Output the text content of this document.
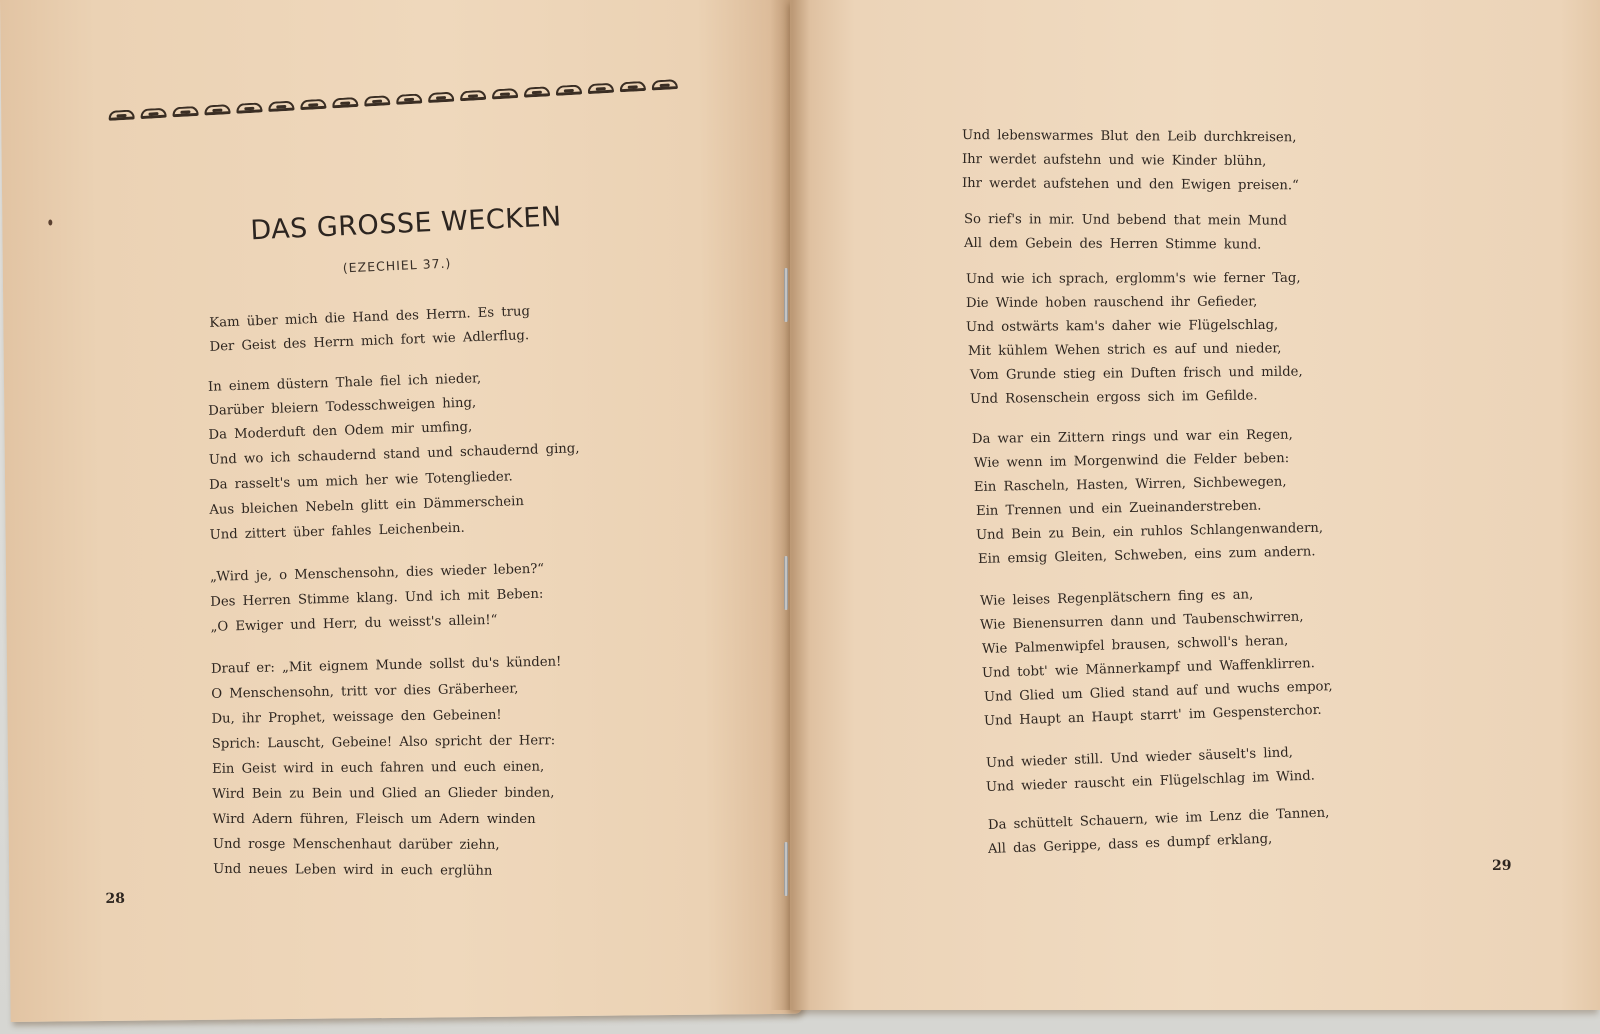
DAS GROSSE WECKEN
(EZECHIEL 37.)
Kam über mich die Hand des Herrn. Es trug
Der Geist des Herrn mich fort wie Adlerflug.
In einem düstern Thale fiel ich nieder,
Darüber bleiern Todesschweigen hing,
Da Moderduft den Odem mir umfing,
Und wo ich schaudernd stand und schaudernd ging,
Da rasselt's um mich her wie Totenglieder.
Aus bleichen Nebeln glitt ein Dämmerschein
Und zittert über fahles Leichenbein.
„Wird je, o Menschensohn, dies wieder leben?“
Des Herren Stimme klang. Und ich mit Beben:
„O Ewiger und Herr, du weisst's allein!“
Drauf er: „Mit eignem Munde sollst du's künden!
O Menschensohn, tritt vor dies Gräberheer,
Du, ihr Prophet, weissage den Gebeinen!
Sprich: Lauscht, Gebeine! Also spricht der Herr:
Ein Geist wird in euch fahren und euch einen,
Wird Bein zu Bein und Glied an Glieder binden,
Wird Adern führen, Fleisch um Adern winden
Und rosge Menschenhaut darüber ziehn,
Und neues Leben wird in euch erglühn
28
Und lebenswarmes Blut den Leib durchkreisen,
Ihr werdet aufstehn und wie Kinder blühn,
Ihr werdet aufstehen und den Ewigen preisen.“
So rief's in mir. Und bebend that mein Mund
All dem Gebein des Herren Stimme kund.
Und wie ich sprach, erglomm's wie ferner Tag,
Die Winde hoben rauschend ihr Gefieder,
Und ostwärts kam's daher wie Flügelschlag,
Mit kühlem Wehen strich es auf und nieder,
Vom Grunde stieg ein Duften frisch und milde,
Und Rosenschein ergoss sich im Gefilde.
Da war ein Zittern rings und war ein Regen,
Wie wenn im Morgenwind die Felder beben:
Ein Rascheln, Hasten, Wirren, Sichbewegen,
Ein Trennen und ein Zueinanderstreben.
Und Bein zu Bein, ein ruhlos Schlangenwandern,
Ein emsig Gleiten, Schweben, eins zum andern.
Wie leises Regenplätschern fing es an,
Wie Bienensurren dann und Taubenschwirren,
Wie Palmenwipfel brausen, schwoll's heran,
Und tobt' wie Männerkampf und Waffenklirren.
Und Glied um Glied stand auf und wuchs empor,
Und Haupt an Haupt starrt' im Gespensterchor.
Und wieder still. Und wieder säuselt's lind,
Und wieder rauscht ein Flügelschlag im Wind.
Da schüttelt Schauern, wie im Lenz die Tannen,
All das Gerippe, dass es dumpf erklang,
29
